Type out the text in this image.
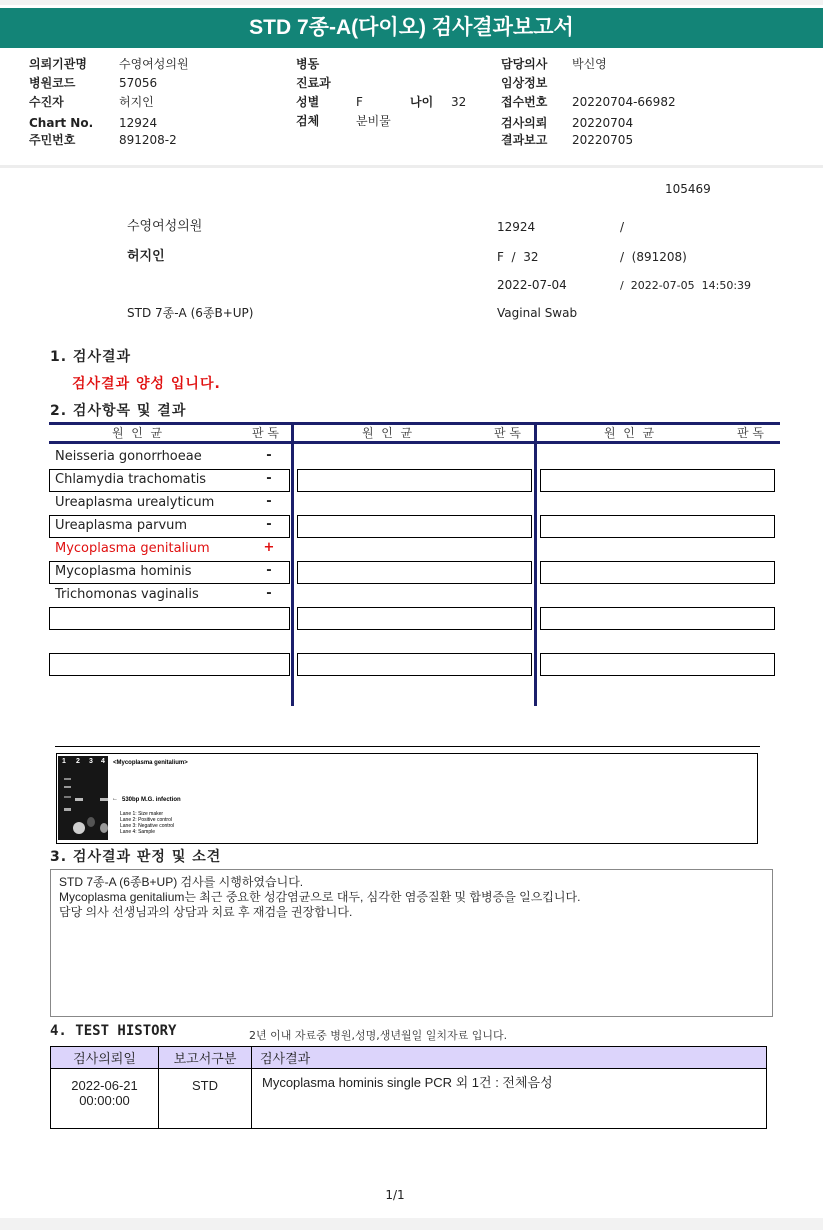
STD 7종-A(다이오) 검사결과보고서
의뢰기관명	수영여성의원
병원코드	57056
수진자	허지인
Chart No. 12924
주민번호	891208-2
병동
진료과
성별	F	나이 32
검체	분비물
담당의사 박신영
임상정보
접수번호 20220704-66982
검사의뢰 20220704
결과보고 20220705
105469
수영여성의원	12924	/
허지인	F  /  32	/  (891208)
2022-07-04	/  2022-07-05  14:50:39
STD 7종-A (6종B+UP)	Vaginal Swab
1. 검사결과
검사결과 양성 입니다.
2. 검사항목 및 결과
원  인  균	판 독	원  인  균	판 독	원  인  균	판 독
Neisseria gonorrhoeae	-
Chlamydia trachomatis	-
Ureaplasma urealyticum	-
Ureaplasma parvum	-
Mycoplasma genitalium	+
Mycoplasma hominis	-
Trichomonas vaginalis	-
1 2 3 4 <Mycoplasma genitalium>
← 530bp M.G. infection
Lane 1: Size maker
Lane 2: Positive control
Lane 3: Negative control
Lane 4: Sample
3. 검사결과 판정 및 소견
STD 7종-A (6종B+UP) 검사를 시행하였습니다.
Mycoplasma genitalium는 최근 중요한 성감염균으로 대두, 심각한 염증질환 및 합병증을 일으킵니다.
담당 의사 선생님과의 상담과 치료 후 재검을 권장합니다.
4. TEST HISTORY	2년 이내 자료중 병원,성명,생년월일 일치자료 입니다.
검사의뢰일	보고서구분	검사결과

2022-06-21
00:00:00	STD	Mycoplasma hominis single PCR 외 1건 : 전체음성
1/1
